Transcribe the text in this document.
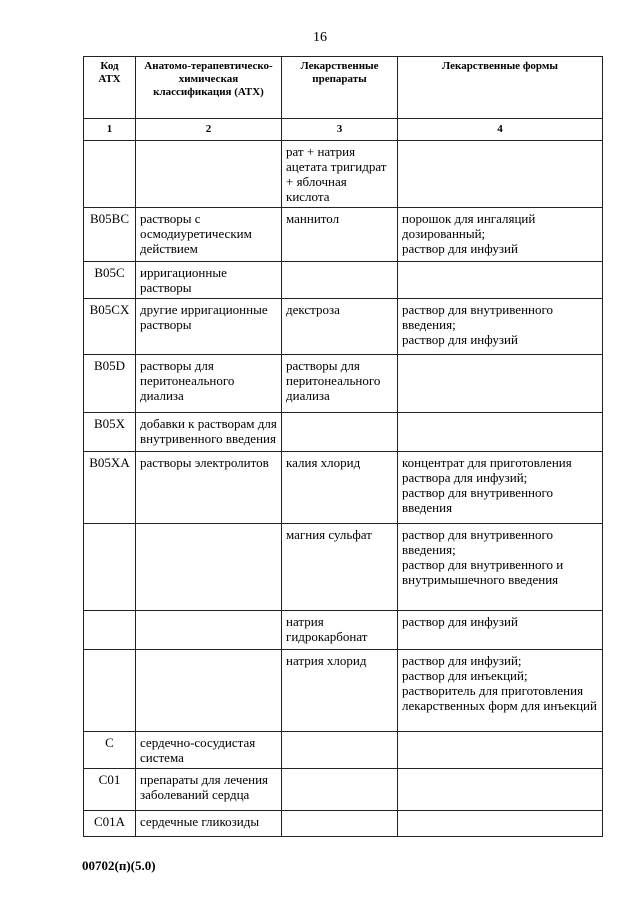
16
Код АТХ	Анатомо-терапевтическо-химическая классификация (АТХ)	Лекарственные препараты	Лекарственные формы
1	2	3	4
		рат + натрия ацетата тригидрат + яблочная кислота	
B05BC	растворы с осмодиуретическим действием	маннитол	порошок для ингаляций дозированный;
раствор для инфузий
B05C	ирригационные растворы		
B05CX	другие ирригационные растворы	декстроза	раствор для внутривенного введения;
раствор для инфузий
B05D	растворы для перитонеального диализа	растворы для перитонеального диализа	
B05X	добавки к растворам для внутривенного введения		
B05XA	растворы электролитов	калия хлорид	концентрат для приготовления раствора для инфузий;
раствор для внутривенного введения
		магния сульфат	раствор для внутривенного введения;
раствор для внутривенного и внутримышечного введения
		натрия гидрокарбонат	раствор для инфузий
		натрия хлорид	раствор для инфузий;
раствор для инъекций;
растворитель для приготовления лекарственных форм для инъекций
C	сердечно-сосудистая система		
C01	препараты для лечения заболеваний сердца		
C01A	сердечные гликозиды		
00702(п)(5.0)
